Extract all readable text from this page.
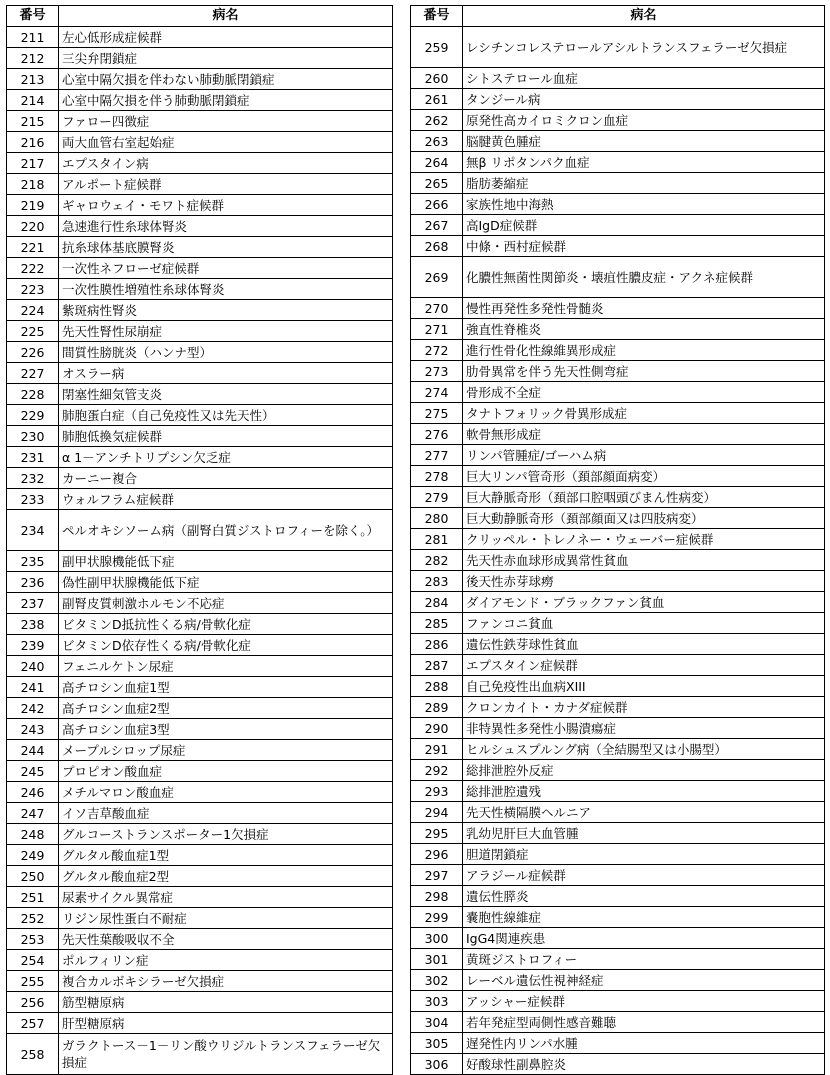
番号	病名
211	左心低形成症候群
212	三尖弁閉鎖症
213	心室中隔欠損を伴わない肺動脈閉鎖症
214	心室中隔欠損を伴う肺動脈閉鎖症
215	ファロー四徴症
216	両大血管右室起始症
217	エプスタイン病
218	アルポート症候群
219	ギャロウェイ・モワト症候群
220	急速進行性糸球体腎炎
221	抗糸球体基底膜腎炎
222	一次性ネフローゼ症候群
223	一次性膜性増殖性糸球体腎炎
224	紫斑病性腎炎
225	先天性腎性尿崩症
226	間質性膀胱炎（ハンナ型）
227	オスラー病
228	閉塞性細気管支炎
229	肺胞蛋白症（自己免疫性又は先天性）
230	肺胞低換気症候群
231	α 1－アンチトリプシン欠乏症
232	カーニー複合
233	ウォルフラム症候群
234	ペルオキシソーム病（副腎白質ジストロフィーを除く。）
235	副甲状腺機能低下症
236	偽性副甲状腺機能低下症
237	副腎皮質刺激ホルモン不応症
238	ビタミンD抵抗性くる病/骨軟化症
239	ビタミンD依存性くる病/骨軟化症
240	フェニルケトン尿症
241	高チロシン血症1型
242	高チロシン血症2型
243	高チロシン血症3型
244	メープルシロップ尿症
245	プロピオン酸血症
246	メチルマロン酸血症
247	イソ吉草酸血症
248	グルコーストランスポーター1欠損症
249	グルタル酸血症1型
250	グルタル酸血症2型
251	尿素サイクル異常症
252	リジン尿性蛋白不耐症
253	先天性葉酸吸収不全
254	ポルフィリン症
255	複合カルボキシラーゼ欠損症
256	筋型糖原病
257	肝型糖原病
258	ガラクトース－1－リン酸ウリジルトランスフェラーゼ欠損症
番号	病名
259	レシチンコレステロールアシルトランスフェラーゼ欠損症
260	シトステロール血症
261	タンジール病
262	原発性高カイロミクロン血症
263	脳腱黄色腫症
264	無β リポタンパク血症
265	脂肪萎縮症
266	家族性地中海熱
267	高IgD症候群
268	中條・西村症候群
269	化膿性無菌性関節炎・壊疽性膿皮症・アクネ症候群
270	慢性再発性多発性骨髄炎
271	強直性脊椎炎
272	進行性骨化性線維異形成症
273	肋骨異常を伴う先天性側弯症
274	骨形成不全症
275	タナトフォリック骨異形成症
276	軟骨無形成症
277	リンパ管腫症/ゴーハム病
278	巨大リンパ管奇形（頚部顔面病変）
279	巨大静脈奇形（頚部口腔咽頭びまん性病変）
280	巨大動静脈奇形（頚部顔面又は四肢病変）
281	クリッペル・トレノネー・ウェーバー症候群
282	先天性赤血球形成異常性貧血
283	後天性赤芽球癆
284	ダイアモンド・ブラックファン貧血
285	ファンコニ貧血
286	遺伝性鉄芽球性貧血
287	エプスタイン症候群
288	自己免疫性出血病XIII
289	クロンカイト・カナダ症候群
290	非特異性多発性小腸潰瘍症
291	ヒルシュスプルング病（全結腸型又は小腸型）
292	総排泄腔外反症
293	総排泄腔遺残
294	先天性横隔膜ヘルニア
295	乳幼児肝巨大血管腫
296	胆道閉鎖症
297	アラジール症候群
298	遺伝性膵炎
299	嚢胞性線維症
300	IgG4関連疾患
301	黄斑ジストロフィー
302	レーベル遺伝性視神経症
303	アッシャー症候群
304	若年発症型両側性感音難聴
305	遅発性内リンパ水腫
306	好酸球性副鼻腔炎
